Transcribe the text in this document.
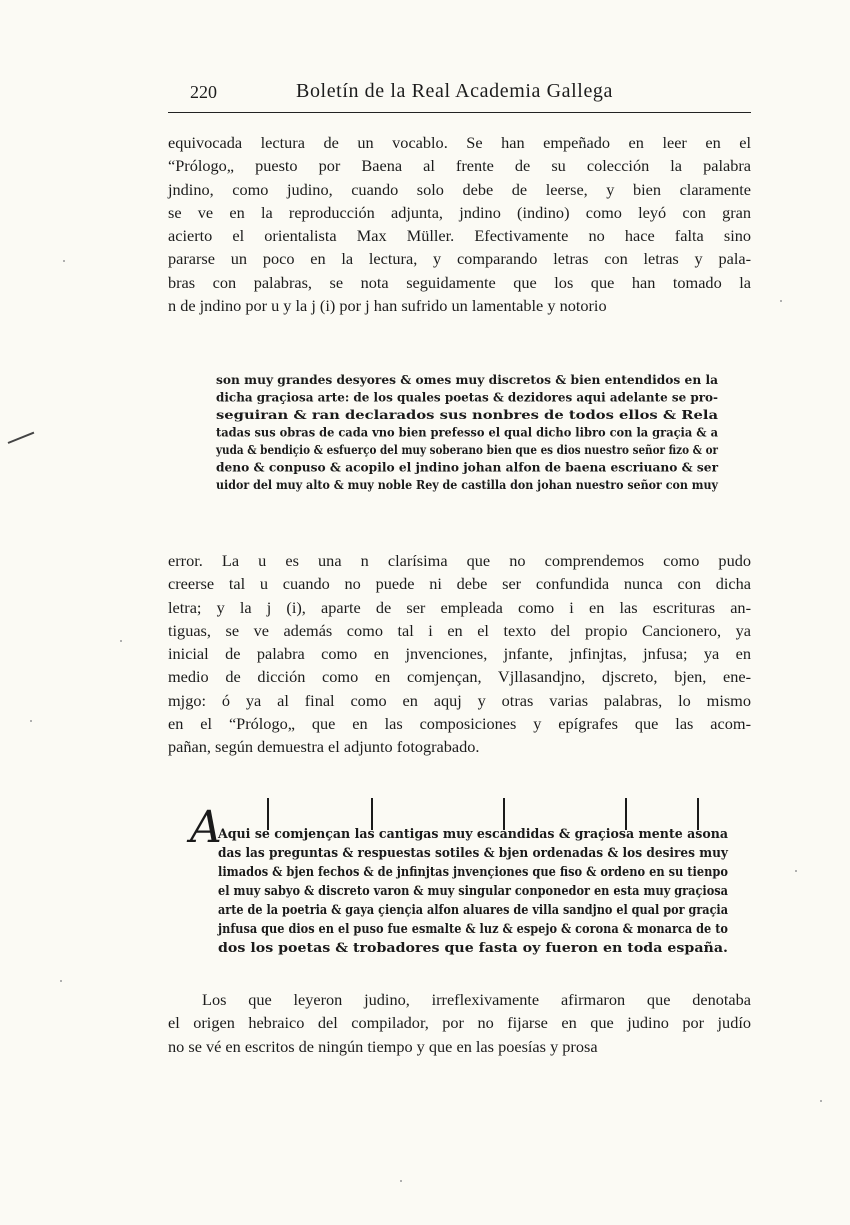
220	Boletín de la Real Academia Gallega
equivocada lectura de un vocablo. Se han empeñado en leer en el
“Prólogo„ puesto por Baena al frente de su colección la palabra
jndino, como judino, cuando solo debe de leerse, y bien claramente
se ve en la reproducción adjunta, jndino (indino) como leyó con gran
acierto el orientalista Max Müller. Efectivamente no hace falta sino
pararse un poco en la lectura, y comparando letras con letras y pala-
bras con palabras, se nota seguidamente que los que han tomado la
n de jndino por u y la j (i) por j han sufrido un lamentable y notorio
son muy grandes desyores & omes muy discretos & bien entendidos en la
dicha graçiosa arte: de los quales poetas & dezidores aqui adelante se pro-
seguiran & ran declarados sus nonbres de todos ellos & Rela
tadas sus obras de cada vno bien prefesso el qual dicho libro con la graçia & a
yuda & bendiçio & esfuerço del muy soberano bien que es dios nuestro señor fizo & or
deno & conpuso & acopilo el jndino johan alfon de baena escriuano & ser
uidor del muy alto & muy noble Rey de castilla don johan nuestro señor con muy
error. La u es una n clarísima que no comprendemos como pudo
creerse tal u cuando no puede ni debe ser confundida nunca con dicha
letra; y la j (i), aparte de ser empleada como i en las escrituras an-
tiguas, se ve además como tal i en el texto del propio Cancionero, ya
inicial de palabra como en jnvenciones, jnfante, jnfinjtas, jnfusa; ya en
medio de dicción como en comjençan, Vjllasandjno, djscreto, bjen, ene-
mjgo: ó ya al final como en aquj y otras varias palabras, lo mismo
en el “Prólogo„ que en las composiciones y epígrafes que las acom-
pañan, según demuestra el adjunto fotograbado.
Aqui se comjençan las cantigas muy escandidas & graçiosa mente asona
das las preguntas & respuestas sotiles & bjen ordenadas & los desires muy
limados & bjen fechos & de jnfinjtas jnvençiones que fiso & ordeno en su tienpo
el muy sabyo & discreto varon & muy singular conponedor en esta muy graçiosa
arte de la poetria & gaya çiençia alfon aluares de villa sandjno el qual por graçia
jnfusa que dios en el puso fue esmalte & luz & espejo & corona & monarca de to
dos los poetas & trobadores que fasta oy fueron en toda españa.
A
Los que leyeron judino, irreflexivamente afirmaron que denotaba
el origen hebraico del compilador, por no fijarse en que judino por judío
no se vé en escritos de ningún tiempo y que en las poesías y prosa
